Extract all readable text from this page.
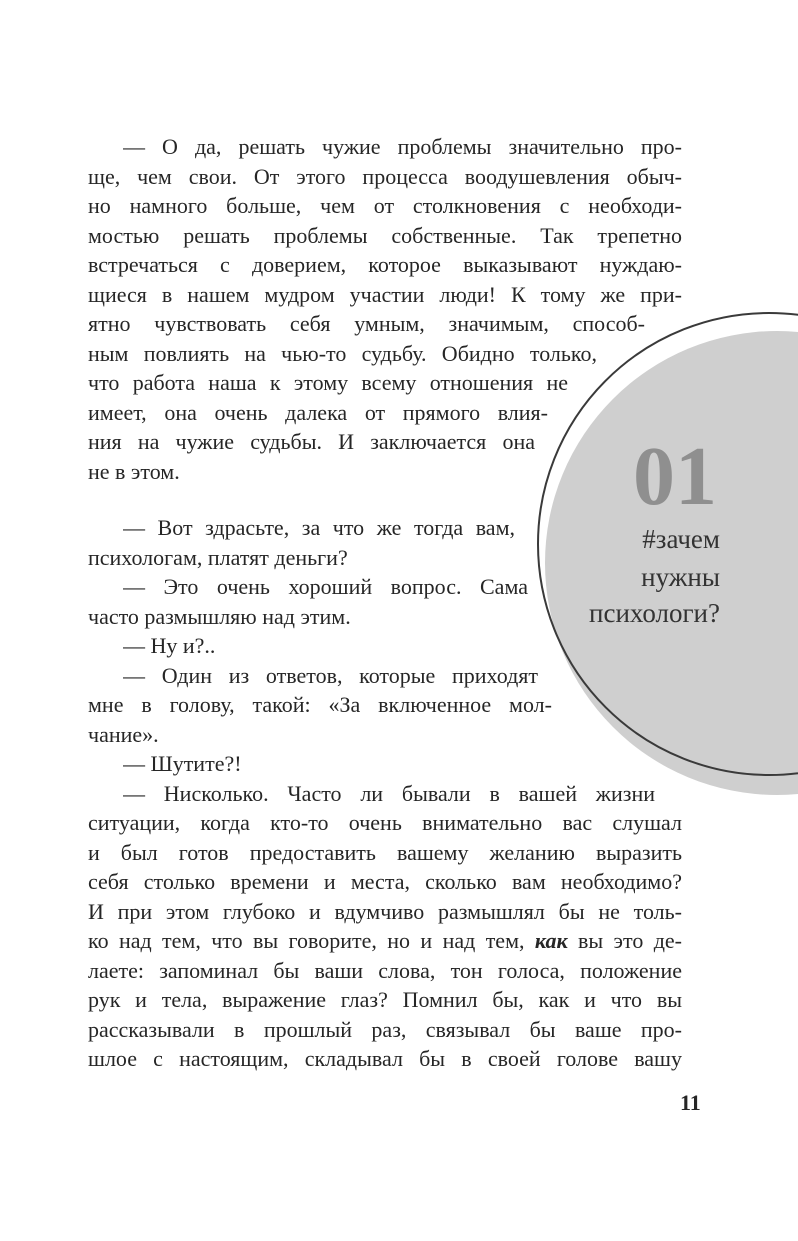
01
#зачем
нужны
психологи?
— О да, решать чужие проблемы значительно про-
ще, чем свои. От этого процесса воодушевления обыч-
но намного больше, чем от столкновения с необходи-
мостью решать проблемы собственные. Так трепетно
встречаться с доверием, которое выказывают нуждаю-
щиеся в нашем мудром участии люди! К тому же при-
ятно чувствовать себя умным, значимым, способ-
ным повлиять на чью-то судьбу. Обидно только,
что работа наша к этому всему отношения не
имеет, она очень далека от прямого влия-
ния на чужие судьбы. И заключается она
не в этом.
— Вот здрасьте, за что же тогда вам,
психологам, платят деньги?
— Это очень хороший вопрос. Сама
часто размышляю над этим.
— Ну и?..
— Один из ответов, которые приходят
мне в голову, такой: «За включенное мол-
чание».
— Шутите?!
— Нисколько. Часто ли бывали в вашей жизни
ситуации, когда кто-то очень внимательно вас слушал
и был готов предоставить вашему желанию выразить
себя столько времени и места, сколько вам необходимо?
И при этом глубоко и вдумчиво размышлял бы не толь-
ко над тем, что вы говорите, но и над тем, как вы это де-
лаете: запоминал бы ваши слова, тон голоса, положение
рук и тела, выражение глаз? Помнил бы, как и что вы
рассказывали в прошлый раз, связывал бы ваше про-
шлое с настоящим, складывал бы в своей голове вашу
11
